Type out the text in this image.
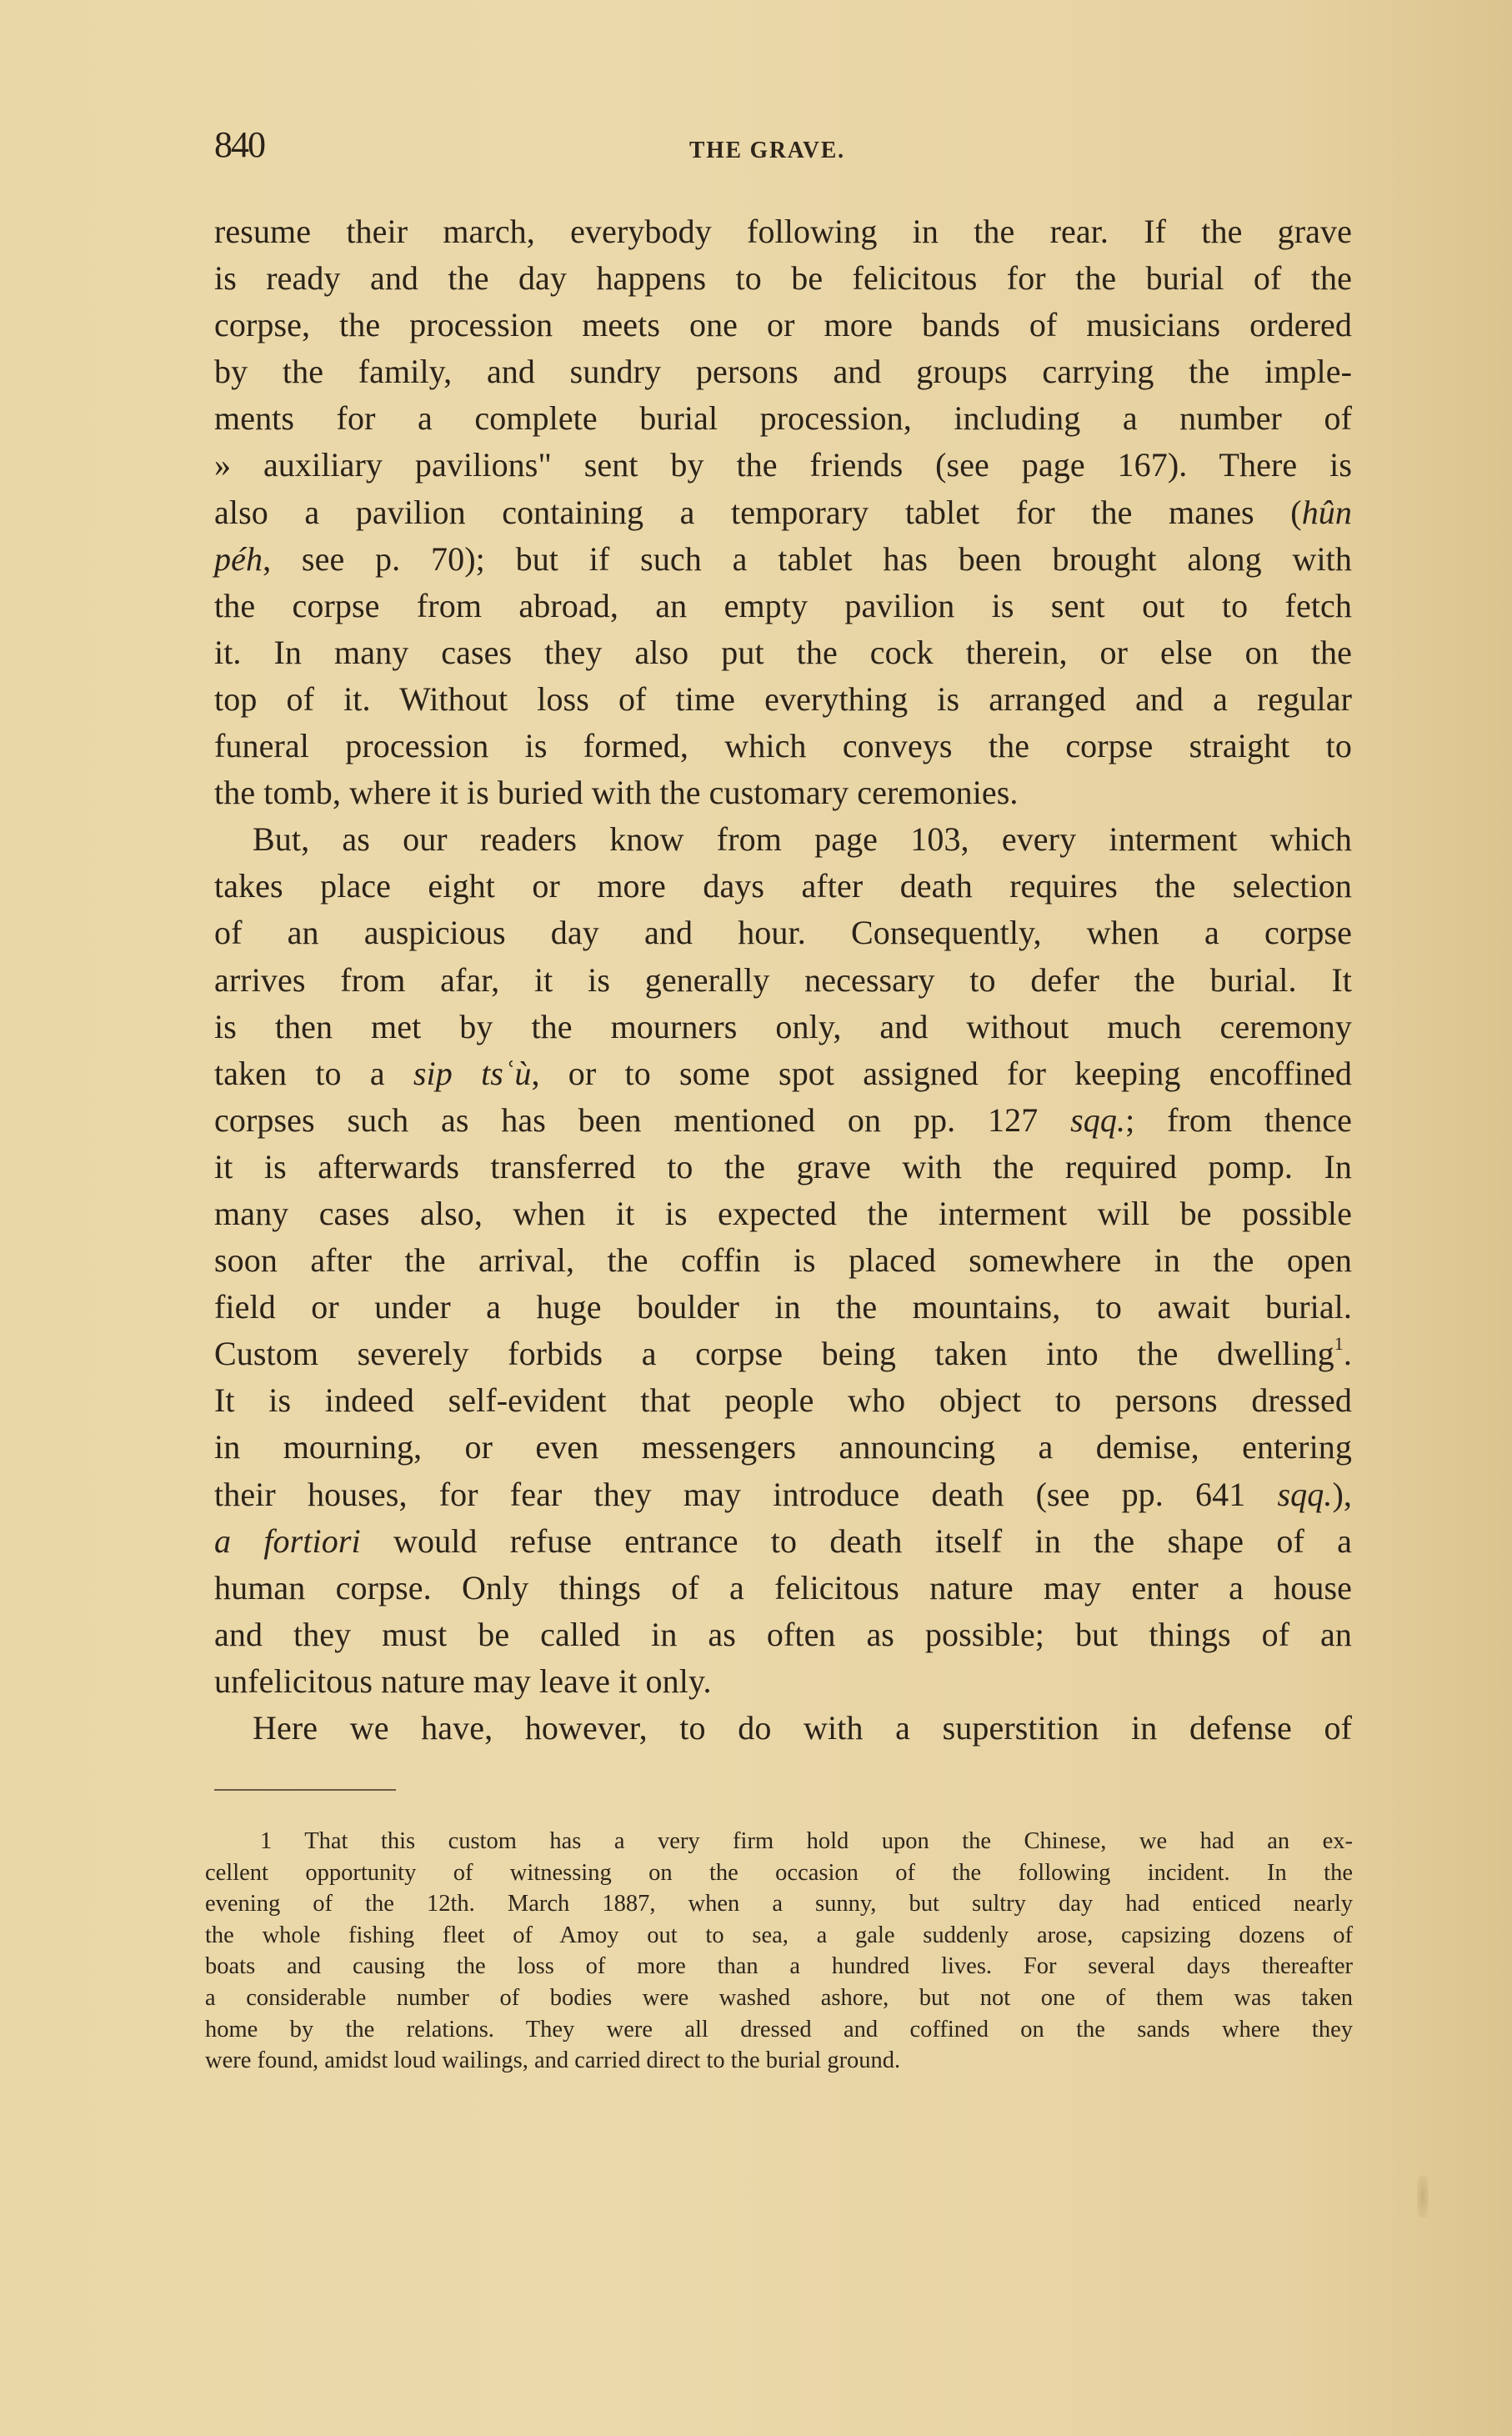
840	THE GRAVE.
resume their march, everybody following in the rear. If the grave
is ready and the day happens to be felicitous for the burial of the
corpse, the procession meets one or more bands of musicians ordered
by the family, and sundry persons and groups carrying the imple-
ments for a complete burial procession, including a number of
» auxiliary pavilions" sent by the friends (see page 167). There is
also a pavilion containing a temporary tablet for the manes (hûn
péh, see p. 70); but if such a tablet has been brought along with
the corpse from abroad, an empty pavilion is sent out to fetch
it. In many cases they also put the cock therein, or else on the
top of it. Without loss of time everything is arranged and a regular
funeral procession is formed, which conveys the corpse straight to
the tomb, where it is buried with the customary ceremonies.
But, as our readers know from page 103, every interment which
takes place eight or more days after death requires the selection
of an auspicious day and hour. Consequently, when a corpse
arrives from afar, it is generally necessary to defer the burial. It
is then met by the mourners only, and without much ceremony
taken to a sip tsʿù, or to some spot assigned for keeping encoffined
corpses such as has been mentioned on pp. 127 sqq.; from thence
it is afterwards transferred to the grave with the required pomp. In
many cases also, when it is expected the interment will be possible
soon after the arrival, the coffin is placed somewhere in the open
field or under a huge boulder in the mountains, to await burial.
Custom severely forbids a corpse being taken into the dwelling$^1$.
It is indeed self-evident that people who object to persons dressed
in mourning, or even messengers announcing a demise, entering
their houses, for fear they may introduce death (see pp. 641 sqq.),
a fortiori would refuse entrance to death itself in the shape of a
human corpse. Only things of a felicitous nature may enter a house
and they must be called in as often as possible; but things of an
unfelicitous nature may leave it only.
Here we have, however, to do with a superstition in defense of
1 That this custom has a very firm hold upon the Chinese, we had an ex-
cellent opportunity of witnessing on the occasion of the following incident. In the
evening of the 12th. March 1887, when a sunny, but sultry day had enticed nearly
the whole fishing fleet of Amoy out to sea, a gale suddenly arose, capsizing dozens of
boats and causing the loss of more than a hundred lives. For several days thereafter
a considerable number of bodies were washed ashore, but not one of them was taken
home by the relations. They were all dressed and coffined on the sands where they
were found, amidst loud wailings, and carried direct to the burial ground.
